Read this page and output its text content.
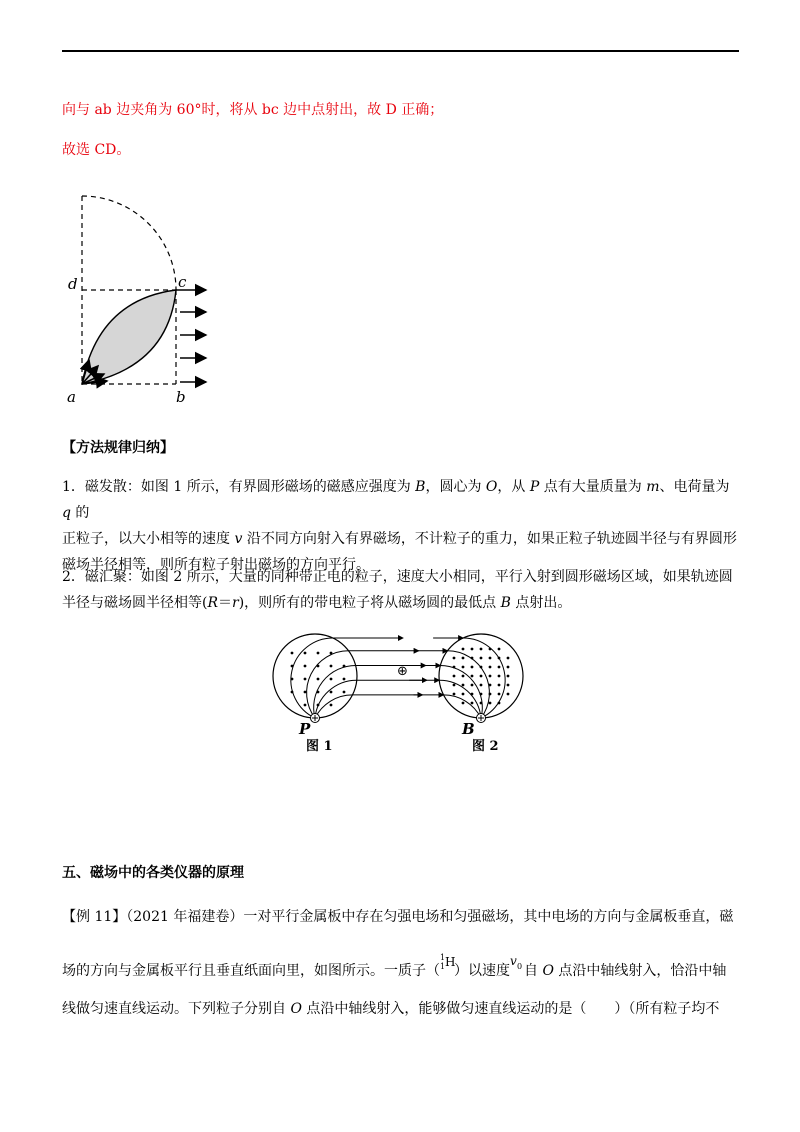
向与 ab 边夹角为 60°时，将从 bc 边中点射出，故 D 正确；
故选 CD。
d	c
a	b
【方法规律归纳】
1．磁发散：如图 1 所示，有界圆形磁场的磁感应强度为 B，圆心为 O，从 P 点有大量质量为 m、电荷量为 q 的
正粒子，以大小相等的速度 v 沿不同方向射入有界磁场，不计粒子的重力，如果正粒子轨迹圆半径与有界圆形
磁场半径相等，则所有粒子射出磁场的方向平行。
2．磁汇聚：如图 2 所示，大量的同种带正电的粒子，速度大小相同，平行入射到圆形磁场区域，如果轨迹圆
半径与磁场圆半径相等(R＝r)，则所有的带电粒子将从磁场圆的最低点 B 点射出。
P
图 1
⊕
B
图 2
五、磁场中的各类仪器的原理
【例 11】（2021 年福建卷）一对平行金属板中存在匀强电场和匀强磁场，其中电场的方向与金属板垂直，磁
场的方向与金属板平行且垂直纸面向里，如图所示。一质子（
1
1 H
）以速度
v 0 自 O 点沿中轴线射入，恰沿中轴
线做匀速直线运动。下列粒子分别自 O 点沿中轴线射入，能够做匀速直线运动的是（　　）（所有粒子均不
